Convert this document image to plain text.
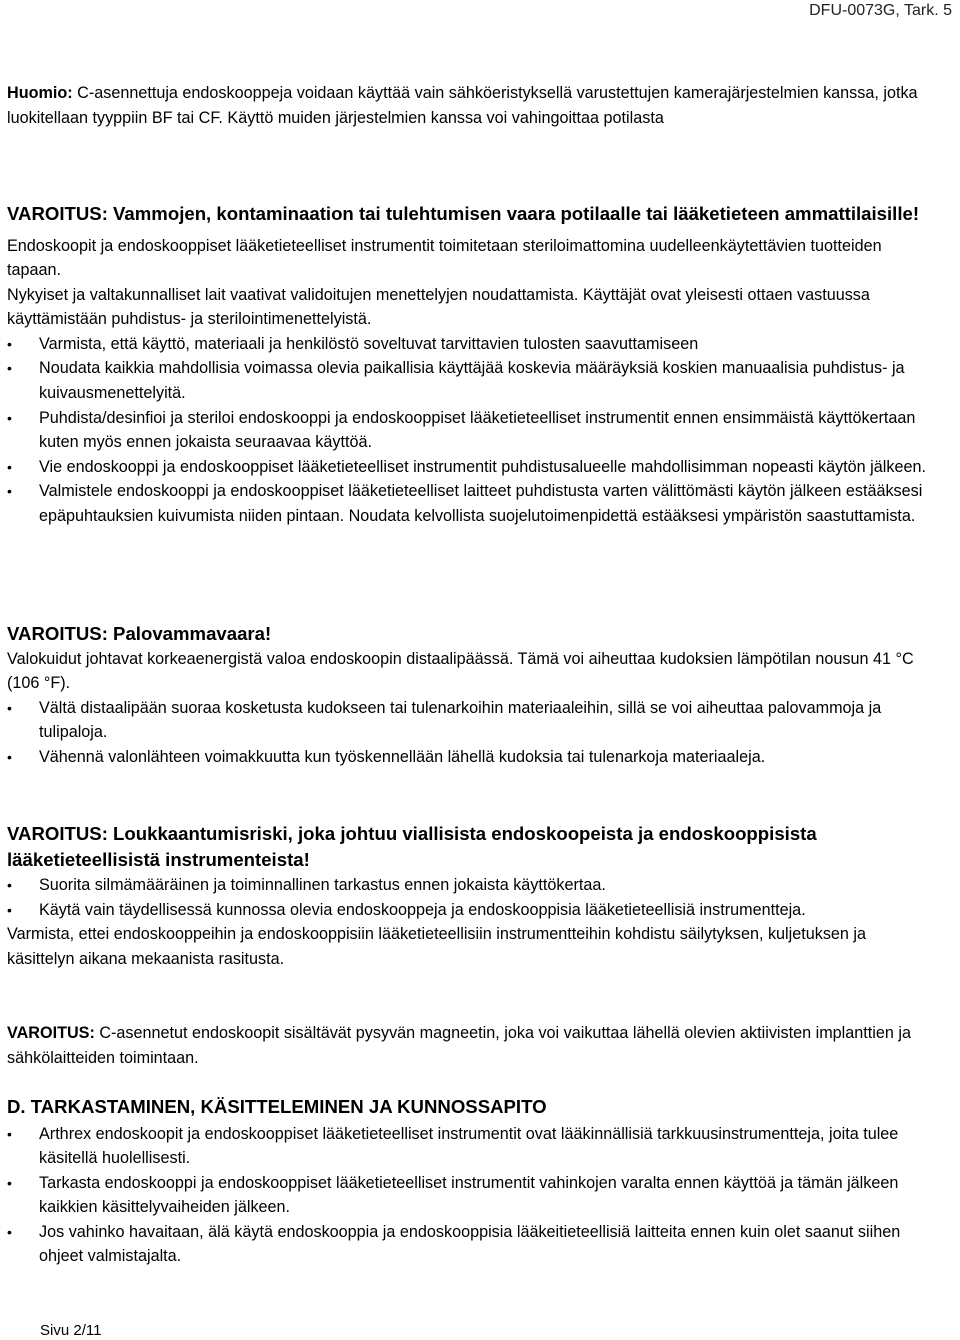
DFU-0073G, Tark. 5

Huomio: C-asennettuja endoskooppeja voidaan käyttää vain sähköeristyksellä varustettujen kamerajärjestelmien kanssa, jotka luokitellaan tyyppiin BF tai CF. Käyttö muiden järjestelmien kanssa voi vahingoittaa potilasta

VAROITUS: Vammojen, kontaminaation tai tulehtumisen vaara potilaalle tai lääketieteen ammattilaisille!

Endoskoopit ja endoskooppiset lääketieteelliset instrumentit toimitetaan steriloimattomina uudelleenkäytettävien tuotteiden tapaan.

Nykyiset ja valtakunnalliset lait vaativat validoitujen menettelyjen noudattamista. Käyttäjät ovat yleisesti ottaen vastuussa käyttämistään puhdistus- ja sterilointimenettelyistä.

•	Varmista, että käyttö, materiaali ja henkilöstö soveltuvat tarvittavien tulosten saavuttamiseen
•	Noudata kaikkia mahdollisia voimassa olevia paikallisia käyttäjää koskevia määräyksiä koskien manuaalisia puhdistus- ja kuivausmenettelyitä.
•	Puhdista/desinfioi ja steriloi endoskooppi ja endoskooppiset lääketieteelliset instrumentit ennen ensimmäistä käyttökertaan kuten myös ennen jokaista seuraavaa käyttöä.
•	Vie endoskooppi ja endoskooppiset lääketieteelliset instrumentit puhdistusalueelle mahdollisimman nopeasti käytön jälkeen.
•	Valmistele endoskooppi ja endoskooppiset lääketieteelliset laitteet puhdistusta varten välittömästi käytön jälkeen estääksesi epäpuhtauksien kuivumista niiden pintaan. Noudata kelvollista suojelutoimenpidettä estääksesi ympäristön saastuttamista.

VAROITUS: Palovammavaara!

Valokuidut johtavat korkeaenergistä valoa endoskoopin distaalipäässä. Tämä voi aiheuttaa kudoksien lämpötilan nousun 41 °C (106 °F).

•	Vältä distaalipään suoraa kosketusta kudokseen tai tulenarkoihin materiaaleihin, sillä se voi aiheuttaa palovammoja ja tulipaloja.
•	Vähennä valonlähteen voimakkuutta kun työskennellään lähellä kudoksia tai tulenarkoja materiaaleja.

VAROITUS: Loukkaantumisriski, joka johtuu viallisista endoskoopeista ja endoskooppisista lääketieteellisistä instrumenteista!

•	Suorita silmämääräinen ja toiminnallinen tarkastus ennen jokaista käyttökertaa.
•	Käytä vain täydellisessä kunnossa olevia endoskooppeja ja endoskooppisia lääketieteellisiä instrumentteja.

Varmista, ettei endoskooppeihin ja endoskooppisiin lääketieteellisiin instrumentteihin kohdistu säilytyksen, kuljetuksen ja käsittelyn aikana mekaanista rasitusta.

VAROITUS: C-asennetut endoskoopit sisältävät pysyvän magneetin, joka voi vaikuttaa lähellä olevien aktiivisten implanttien ja sähkölaitteiden toimintaan.

D. TARKASTAMINEN, KÄSITTELEMINEN JA KUNNOSSAPITO

•	Arthrex endoskoopit ja endoskooppiset lääketieteelliset instrumentit ovat lääkinnällisiä tarkkuusinstrumentteja, joita tulee käsitellä huolellisesti.
•	Tarkasta endoskooppi ja endoskooppiset lääketieteelliset instrumentit vahinkojen varalta ennen käyttöä ja tämän jälkeen kaikkien käsittelyvaiheiden jälkeen.
•	Jos vahinko havaitaan, älä käytä endoskooppia ja endoskooppisia lääkeitieteellisiä laitteita ennen kuin olet saanut siihen ohjeet valmistajalta.
Sivu 2/11
